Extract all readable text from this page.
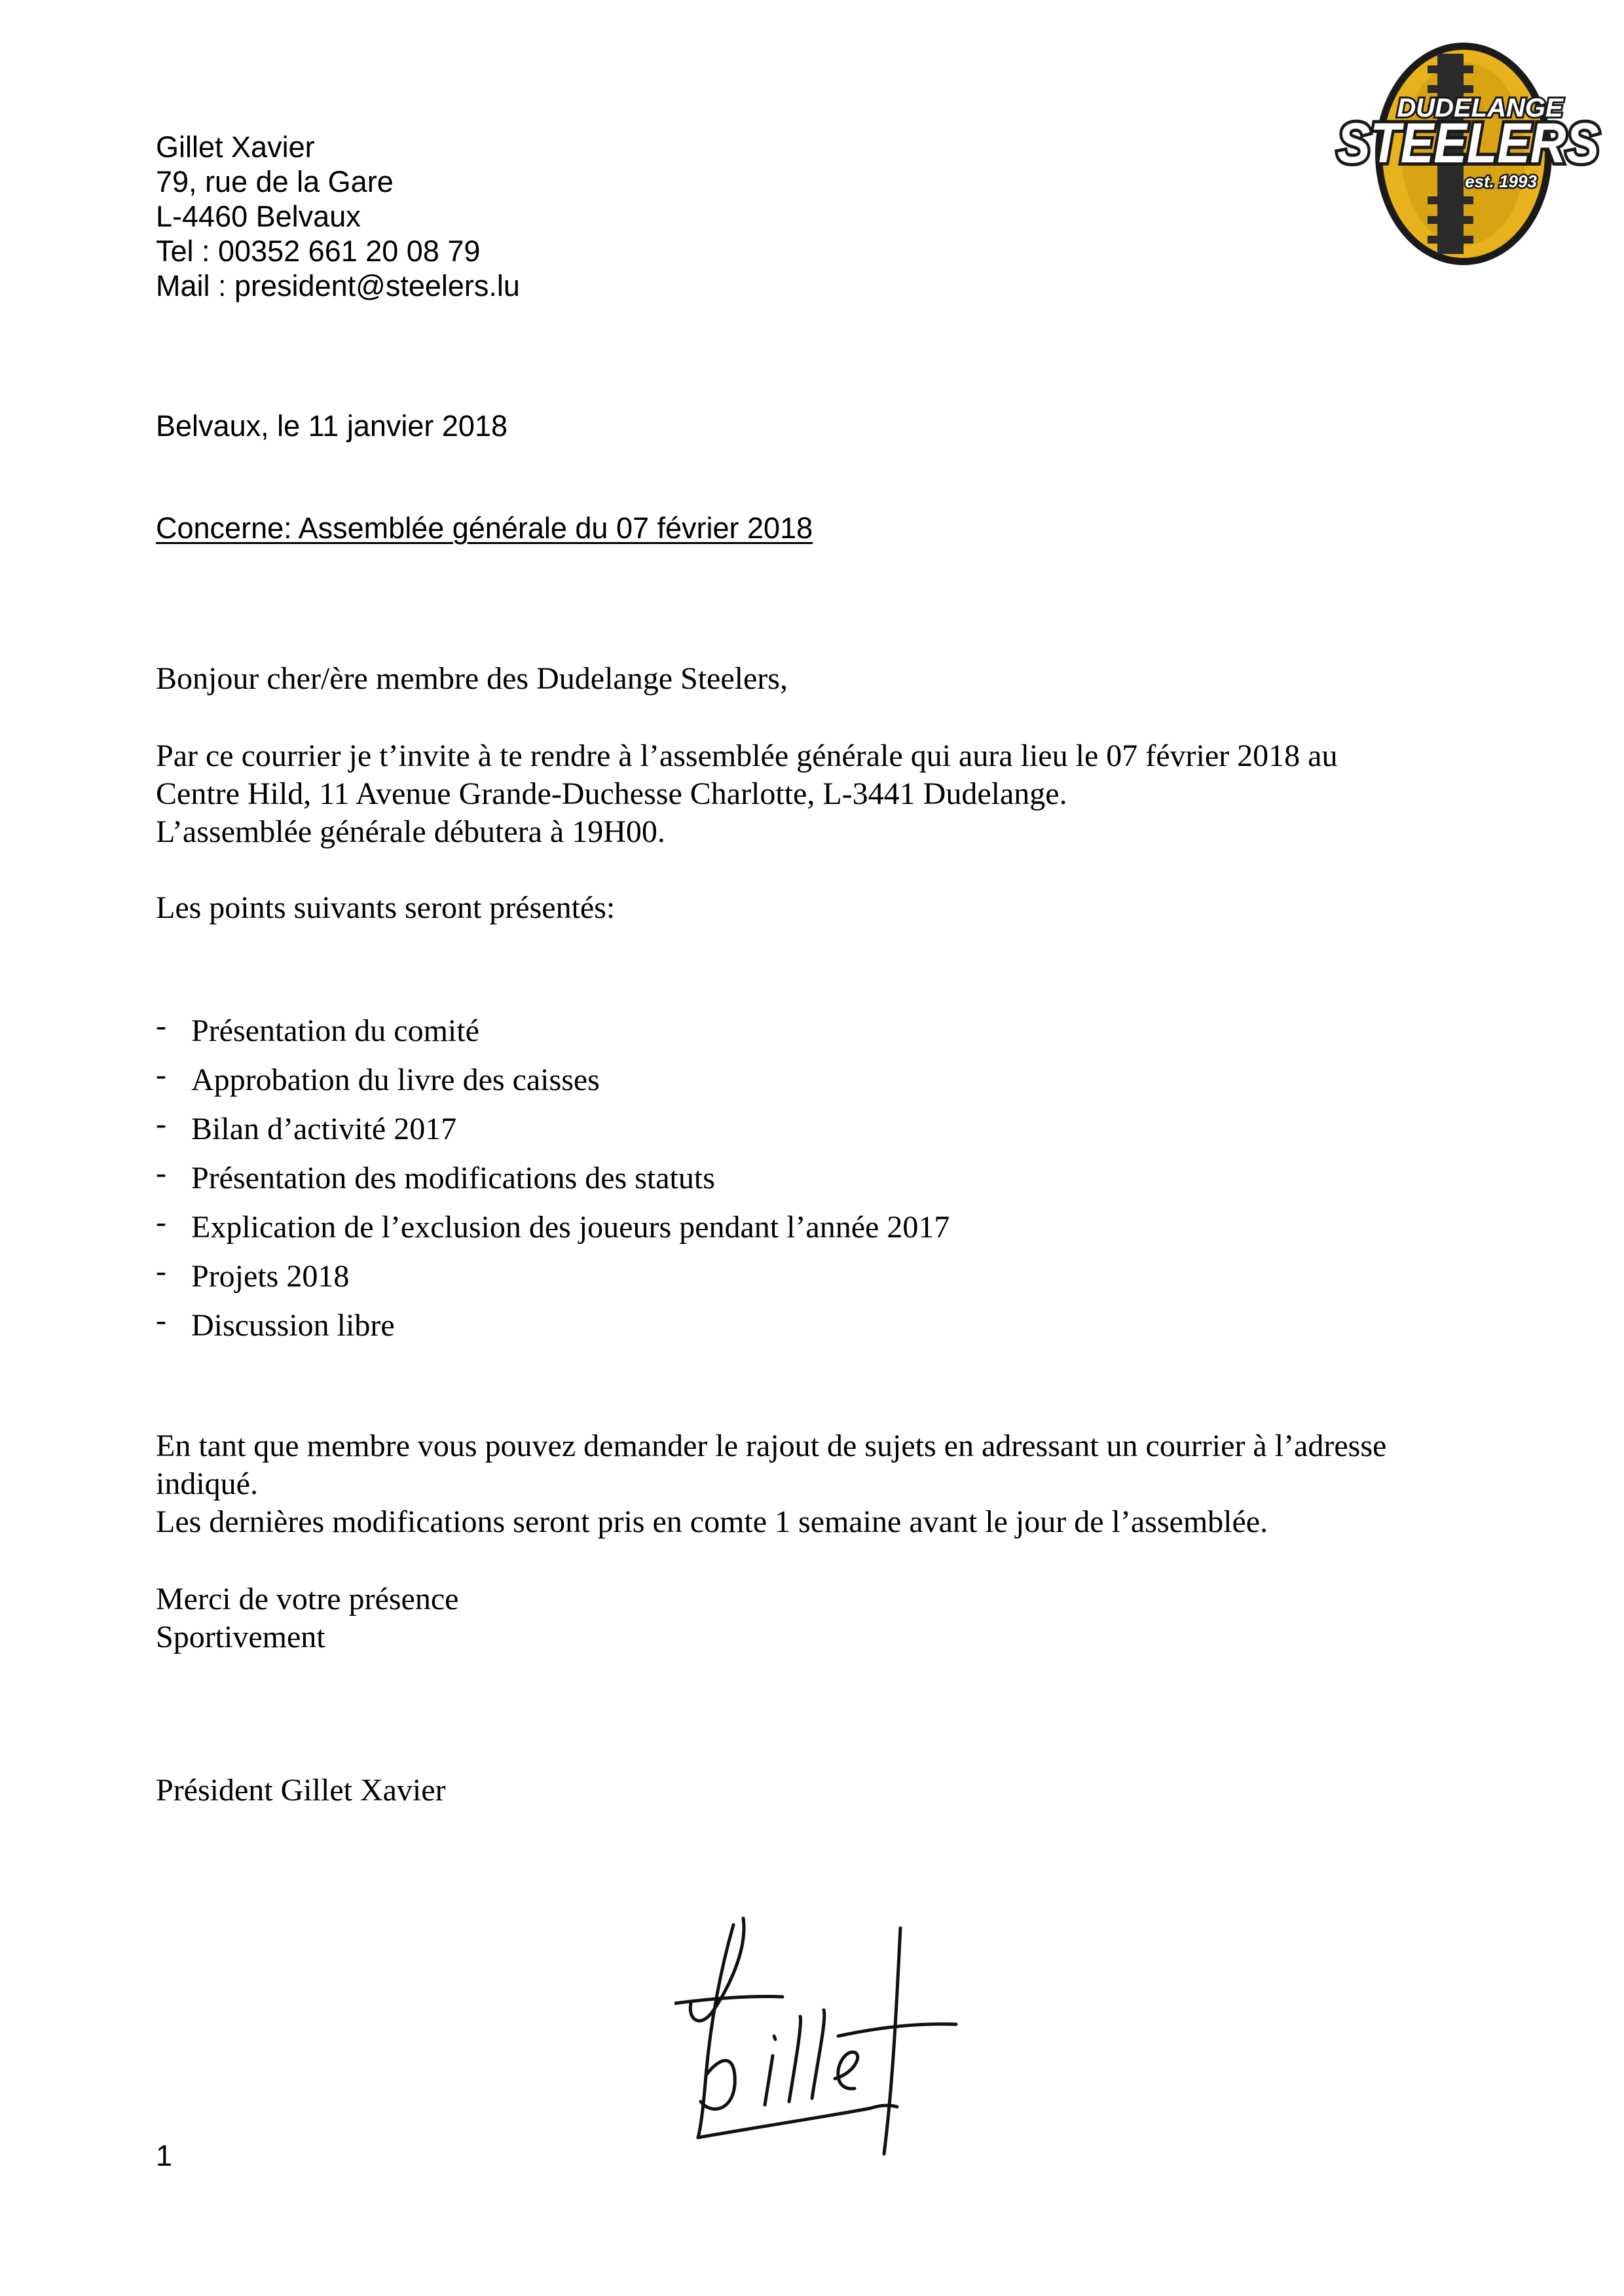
Gillet Xavier
79, rue de la Gare
L-4460 Belvaux
Tel : 00352 661 20 08 79
Mail : president@steelers.lu
DUDELANGE
STEELERS
est. 1993
Belvaux, le 11 janvier 2018
Concerne: Assemblée générale du 07 février 2018
Bonjour cher/ère membre des Dudelange Steelers,
Par ce courrier je t’invite à te rendre à l’assemblée générale qui aura lieu le 07 février 2018 au
Centre Hild, 11 Avenue Grande-Duchesse Charlotte, L-3441 Dudelange.
L’assemblée générale débutera à 19H00.
Les points suivants seront présentés:
- Présentation du comité
- Approbation du livre des caisses
- Bilan d’activité 2017
- Présentation des modifications des statuts
- Explication de l’exclusion des joueurs pendant l’année 2017
- Projets 2018
- Discussion libre
En tant que membre vous pouvez demander le rajout de sujets en adressant un courrier à l’adresse
indiqué.
Les dernières modifications seront pris en comte 1 semaine avant le jour de l’assemblée.
Merci de votre présence
Sportivement
Président Gillet Xavier
1
